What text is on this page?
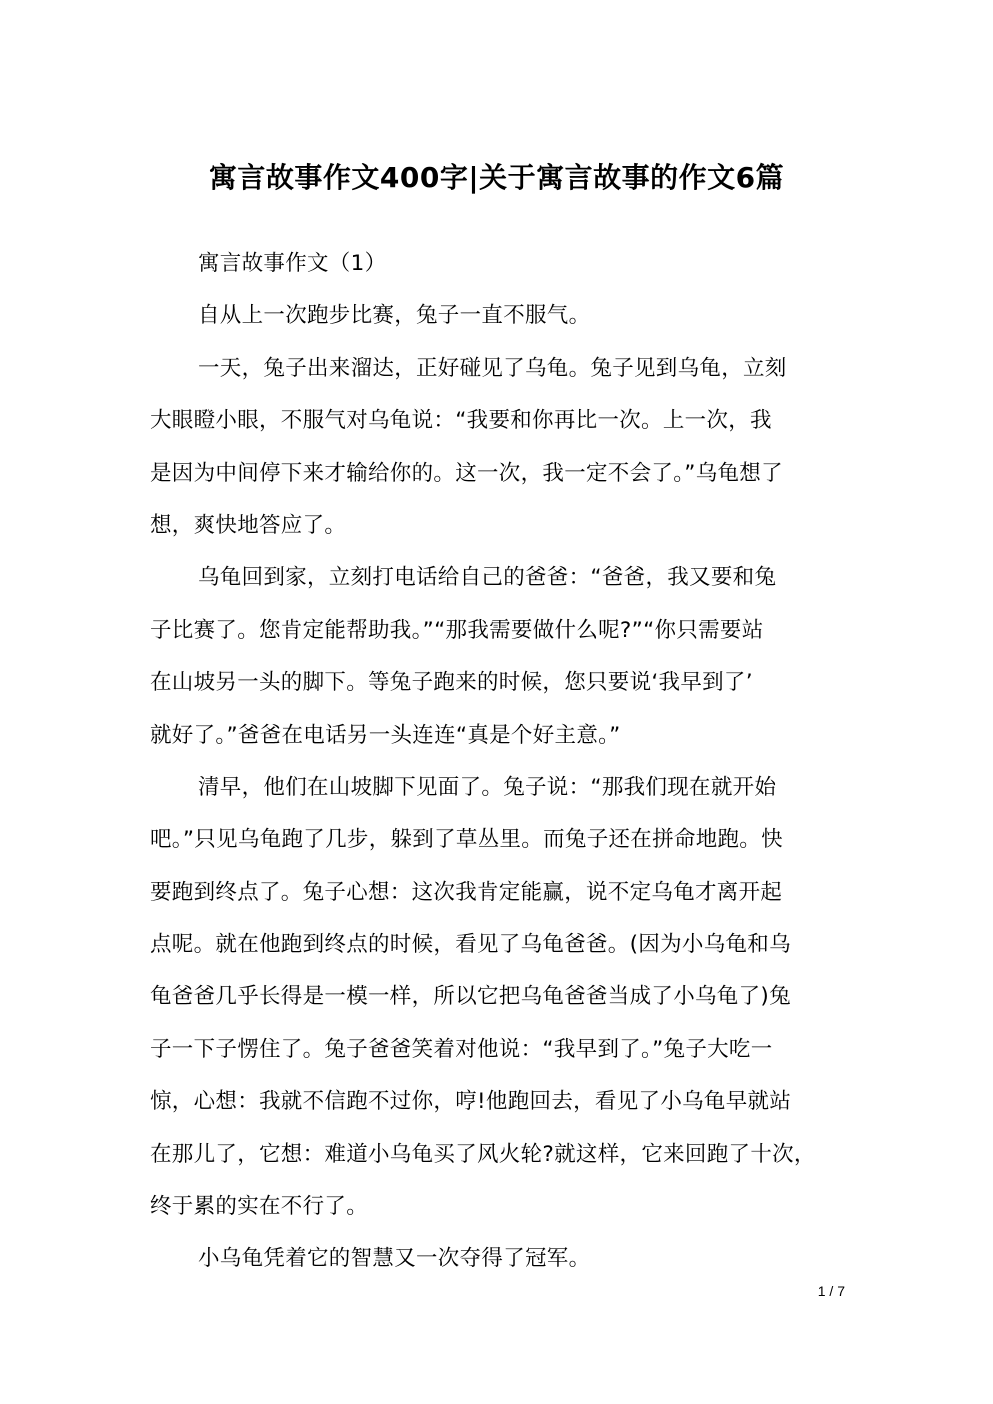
寓言故事作文400字|关于寓言故事的作文6篇
寓言故事作文（1）
自从上一次跑步比赛，兔子一直不服气。
一天，兔子出来溜达，正好碰见了乌龟。兔子见到乌龟，立刻
大眼瞪小眼，不服气对乌龟说：“我要和你再比一次。上一次，我
是因为中间停下来才输给你的。这一次，我一定不会了。”乌龟想了
想，爽快地答应了。
乌龟回到家，立刻打电话给自己的爸爸：“爸爸，我又要和兔
子比赛了。您肯定能帮助我。”“那我需要做什么呢?”“你只需要站
在山坡另一头的脚下。等兔子跑来的时候，您只要说‘我早到了’
就好了。”爸爸在电话另一头连连“真是个好主意。”
清早，他们在山坡脚下见面了。兔子说：“那我们现在就开始
吧。”只见乌龟跑了几步，躲到了草丛里。而兔子还在拼命地跑。快
要跑到终点了。兔子心想：这次我肯定能赢，说不定乌龟才离开起
点呢。就在他跑到终点的时候，看见了乌龟爸爸。(因为小乌龟和乌
龟爸爸几乎长得是一模一样，所以它把乌龟爸爸当成了小乌龟了)兔
子一下子愣住了。兔子爸爸笑着对他说：“我早到了。”兔子大吃一
惊，心想：我就不信跑不过你，哼!他跑回去，看见了小乌龟早就站
在那儿了，它想：难道小乌龟买了风火轮?就这样，它来回跑了十次，
终于累的实在不行了。
小乌龟凭着它的智慧又一次夺得了冠军。
1 / 7
